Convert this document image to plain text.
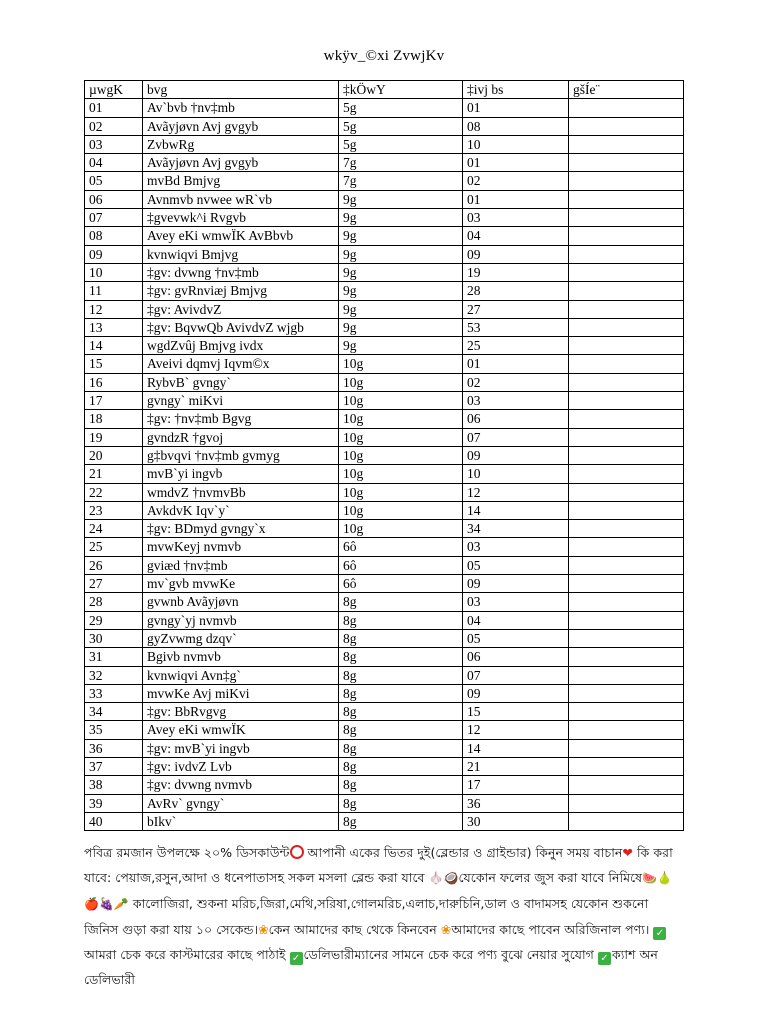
wkÿv_©xi ZvwjKv
µwgK	bvg	‡kÖwY	‡ivj bs	gšÍe¨
01	Av`bvb †nv‡mb	5g	01	
02	Avãyjøvn Avj gvgyb	5g	08	
03	ZvbwRg	5g	10	
04	Avãyjøvn Avj gvgyb	7g	01	
05	mvBd Bmjvg	7g	02	
06	Avnmvb nvwee wR`vb	9g	01	
07	‡gvevwk^i Rvgvb	9g	03	
08	Avey eKi wmwÏK AvBbvb	9g	04	
09	kvnwiqvi Bmjvg	9g	09	
10	‡gv: dvwng †nv‡mb	9g	19	
11	‡gv: gvRnviæj Bmjvg	9g	28	
12	‡gv: AvivdvZ	9g	27	
13	‡gv: BqvwQb AvivdvZ wjgb	9g	53	
14	wgdZvûj Bmjvg ivdx	9g	25	
15	Aveivi dqmvj Iqvm©x	10g	01	
16	RybvB` gvngy`	10g	02	
17	gvngy` miKvi	10g	03	
18	‡gv: †nv‡mb Bgvg	10g	06	
19	gvndzR †gvoj	10g	07	
20	g‡bvqvi †nv‡mb gvmyg	10g	09	
21	mvB`yi ingvb	10g	10	
22	wmdvZ †nvmvBb	10g	12	
23	AvkdvK Iqv`y`	10g	14	
24	‡gv: BDmyd gvngy`x	10g	34	
25	mvwKeyj nvmvb	6ô	03	
26	gviæd †nv‡mb	6ô	05	
27	mv`gvb mvwKe	6ô	09	
28	gvwnb Avãyjøvn	8g	03	
29	gvngy`yj nvmvb	8g	04	
30	gyZvwmg dzqv`	8g	05	
31	Bgivb nvmvb	8g	06	
32	kvnwiqvi Avn‡g`	8g	07	
33	mvwKe Avj miKvi	8g	09	
34	‡gv: BbRvgvg	8g	15	
35	Avey eKi wmwÏK	8g	12	
36	‡gv: mvB`yi ingvb	8g	14	
37	‡gv: ivdvZ Lvb	8g	21	
38	‡gv: dvwng nvmvb	8g	17	
39	AvRv` gvngy`	8g	36	
40	bIkv`	8g	30	
পবিত্র রমজান উপলক্ষে ২০% ডিসকাউন্ট আপানী একের ভিতর দুই(ব্লেন্ডার ও গ্রাইন্ডার) কিনুন সময় বাচান❤ কি করা যাবে: পেয়াজ,রসুন,আদা ও ধনেপাতাসহ সকল মসলা ব্লেন্ড করা যাবে 🧄🥥যেকোন ফলের জুস করা যাবে নিমিষে🍉🍐🍎🍇🥕 কালোজিরা, শুকনা মরিচ,জিরা,মেথি,সরিষা,গোলমরিচ,এলাচ,দারুচিনি,ডাল ও বাদামসহ যেকোন শুকনো জিনিস গুড়া করা যায় ১০ সেকেন্ড।❀কেন আমাদের কাছ থেকে কিনবেন ❀আমাদের কাছে পাবেন অরিজিনাল পণ্য। ✓আমরা চেক করে কাস্টমারের কাছে পাঠাই ✓ ডেলিভারীম্যানের সামনে চেক করে পণ্য বুঝে নেয়ার সুযোগ ✓ ক্যাশ অন ডেলিভারী
